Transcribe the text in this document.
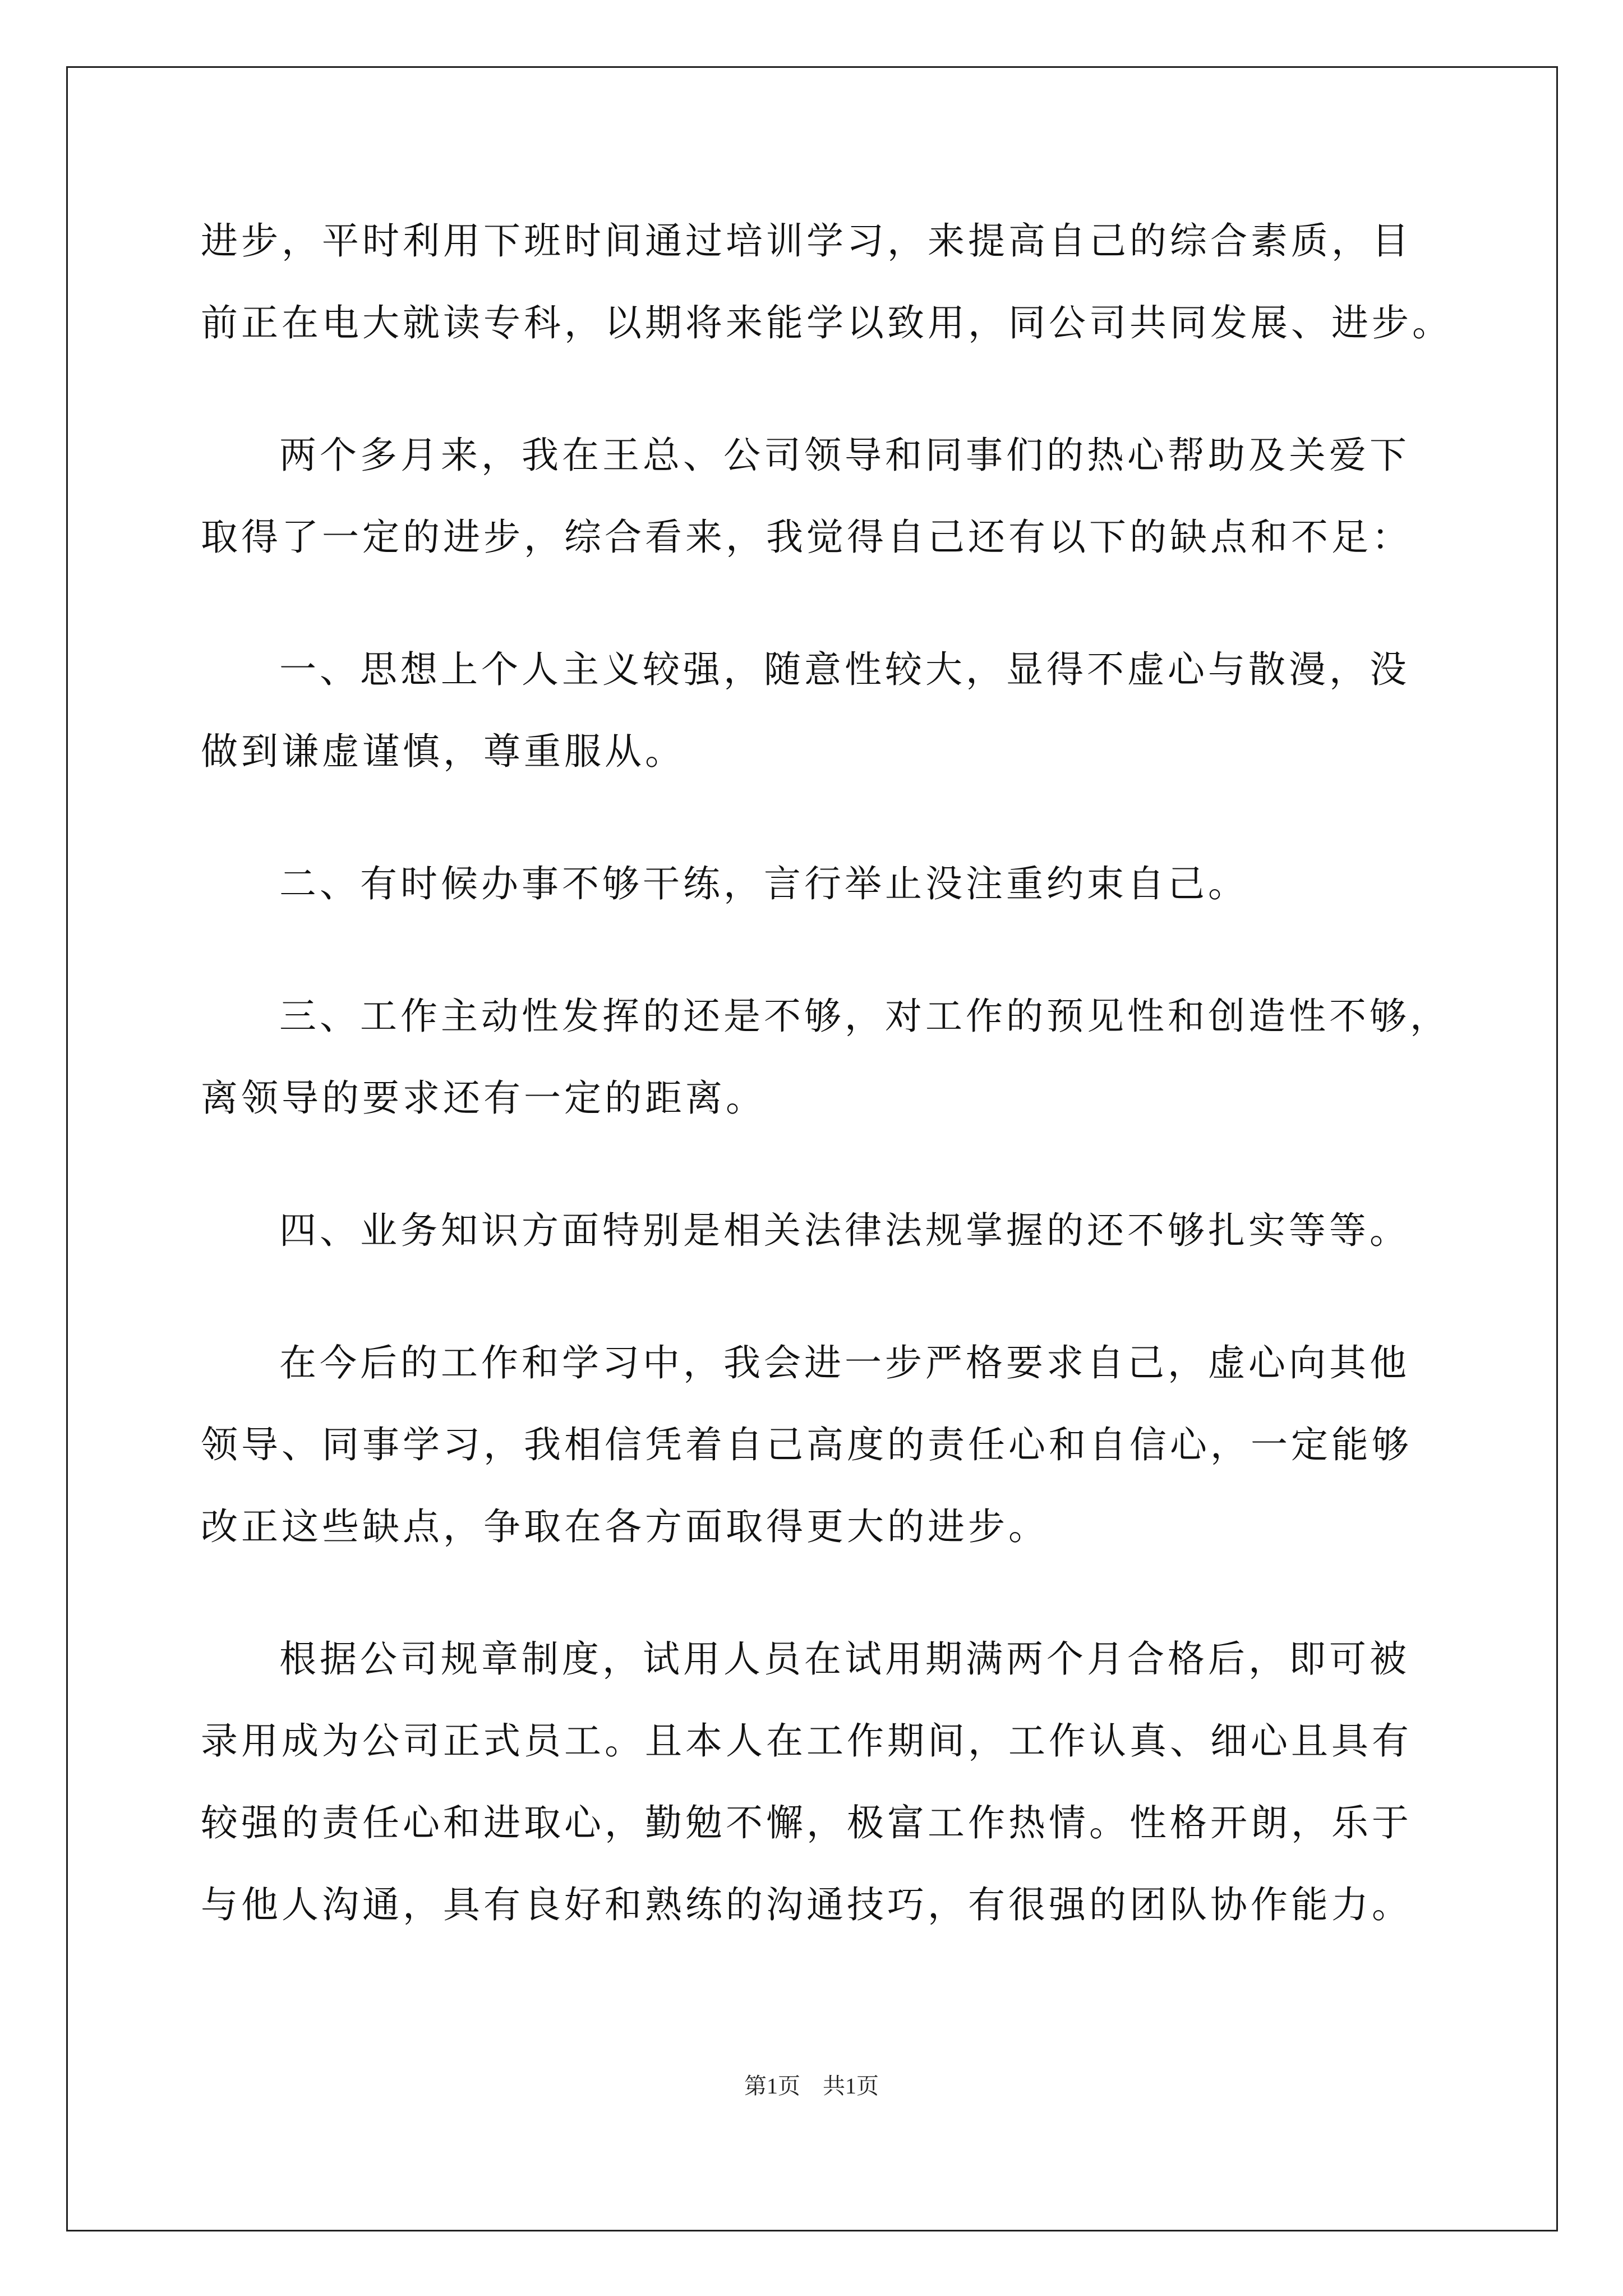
进步，平时利用下班时间通过培训学习，来提高自己的综合素质，目
前正在电大就读专科，以期将来能学以致用，同公司共同发展、进步。
两个多月来，我在王总、公司领导和同事们的热心帮助及关爱下
取得了一定的进步，综合看来，我觉得自己还有以下的缺点和不足：
一、思想上个人主义较强，随意性较大，显得不虚心与散漫，没
做到谦虚谨慎，尊重服从。
二、有时候办事不够干练，言行举止没注重约束自己。
三、工作主动性发挥的还是不够，对工作的预见性和创造性不够，
离领导的要求还有一定的距离。
四、业务知识方面特别是相关法律法规掌握的还不够扎实等等。
在今后的工作和学习中，我会进一步严格要求自己，虚心向其他
领导、同事学习，我相信凭着自己高度的责任心和自信心，一定能够
改正这些缺点，争取在各方面取得更大的进步。
根据公司规章制度，试用人员在试用期满两个月合格后，即可被
录用成为公司正式员工。且本人在工作期间，工作认真、细心且具有
较强的责任心和进取心，勤勉不懈，极富工作热情。性格开朗，乐于
与他人沟通，具有良好和熟练的沟通技巧，有很强的团队协作能力。
第1页　共1页
